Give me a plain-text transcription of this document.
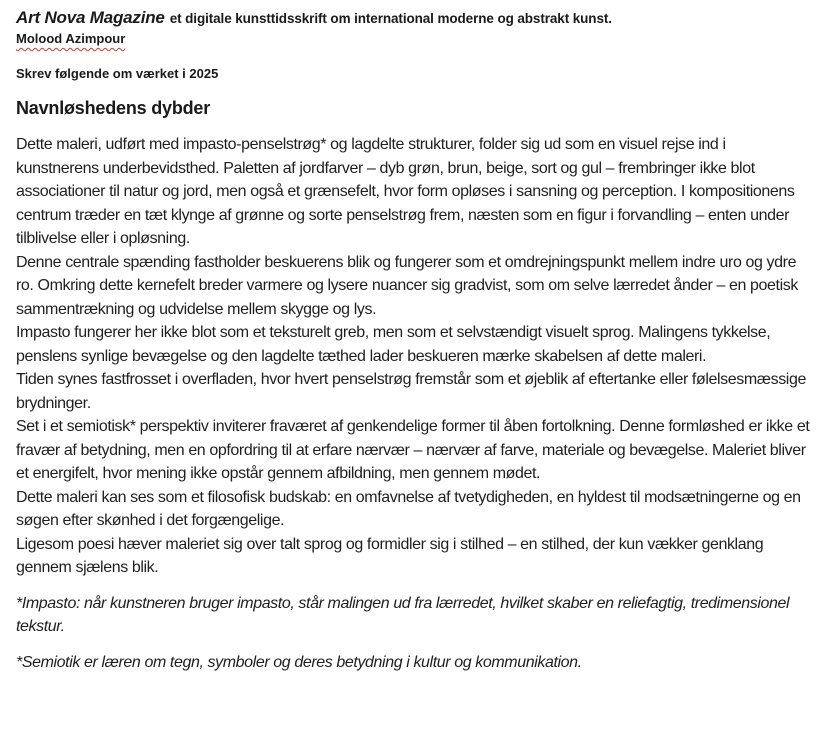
Art Nova Magazine et digitale kunsttidsskrift om international moderne og abstrakt kunst.
Molood Azimpour
Skrev følgende om værket i 2025
Navnløshedens dybder

Dette maleri, udført med impasto-penselstrøg* og lagdelte strukturer, folder sig ud som en visuel rejse ind i kunstnerens underbevidsthed. Paletten af jordfarver – dyb grøn, brun, beige, sort og gul – frembringer ikke blot associationer til natur og jord, men også et grænsefelt, hvor form opløses i sansning og perception. I kompositionens centrum træder en tæt klynge af grønne og sorte penselstrøg frem, næsten som en figur i forvandling – enten under tilblivelse eller i opløsning.

Denne centrale spænding fastholder beskuerens blik og fungerer som et omdrejningspunkt mellem indre uro og ydre ro. Omkring dette kernefelt breder varmere og lysere nuancer sig gradvist, som om selve lærredet ånder – en poetisk sammentrækning og udvidelse mellem skygge og lys.

Impasto fungerer her ikke blot som et teksturelt greb, men som et selvstændigt visuelt sprog. Malingens tykkelse, penslens synlige bevægelse og den lagdelte tæthed lader beskueren mærke skabelsen af dette maleri.

Tiden synes fastfrosset i overfladen, hvor hvert penselstrøg fremstår som et øjeblik af eftertanke eller følelsesmæssige brydninger.

Set i et semiotisk* perspektiv inviterer fraværet af genkendelige former til åben fortolkning. Denne formløshed er ikke et fravær af betydning, men en opfordring til at erfare nærvær – nærvær af farve, materiale og bevægelse. Maleriet bliver et energifelt, hvor mening ikke opstår gennem afbildning, men gennem mødet.

Dette maleri kan ses som et filosofisk budskab: en omfavnelse af tvetydigheden, en hyldest til modsætningerne og en søgen efter skønhed i det forgængelige.

Ligesom poesi hæver maleriet sig over talt sprog og formidler sig i stilhed – en stilhed, der kun vækker genklang gennem sjælens blik.

*Impasto: når kunstneren bruger impasto, står malingen ud fra lærredet, hvilket skaber en reliefagtig, tredimensionel tekstur.

*Semiotik er læren om tegn, symboler og deres betydning i kultur og kommunikation.
